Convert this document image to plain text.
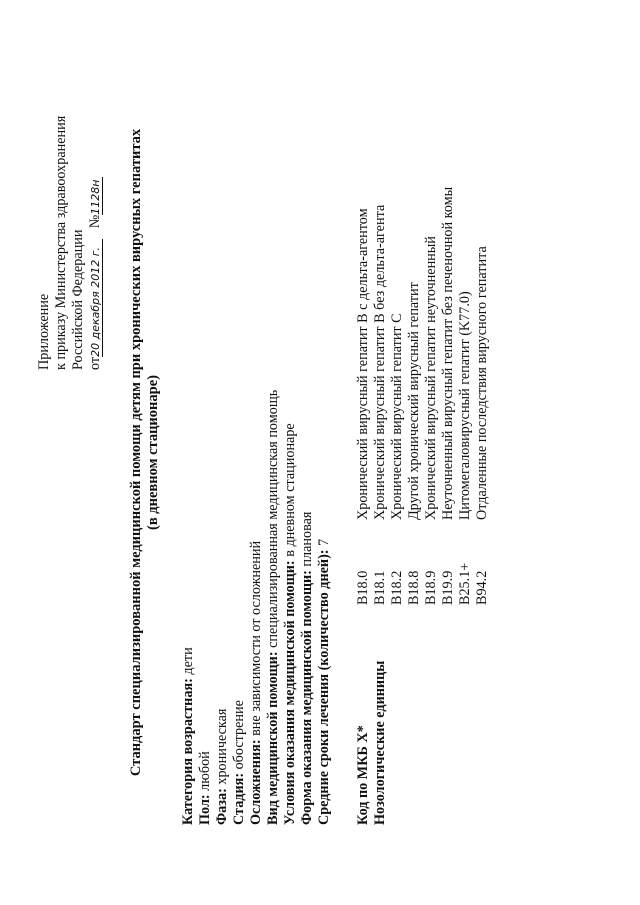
Приложение к приказу Министерства здравоохранения Российской Федерации от20 декабря 2012 г.   №1128н Стандарт специализированной медицинской помощи детям при хронических вирусных гепатитах (в дневном стационаре)
Категория возрастная: дети
Пол: любой
Фаза: хроническая
Стадия: обострение
Осложнения: вне зависимости от осложнений
Вид медицинской помощи: специализированная медицинская помощь
Условия оказания медицинской помощи: в дневном стационаре
Форма оказания медицинской помощи: плановая
Средние сроки лечения (количество дней): 7
Код по МКБ X* Нозологические единицы
B18.0
Хронический вирусный гепатит B с дельта-агентом
B18.1
Хронический вирусный гепатит B без дельта-агента
B18.2
Хронический вирусный гепатит C
B18.8
Другой хронический вирусный гепатит
B18.9
Хронический вирусный гепатит неуточненный
B19.9
Неуточненный вирусный гепатит без печеночной комы
B25.1+
Цитомегаловирусный гепатит (K77.0)
B94.2
Отдаленные последствия вирусного гепатита
